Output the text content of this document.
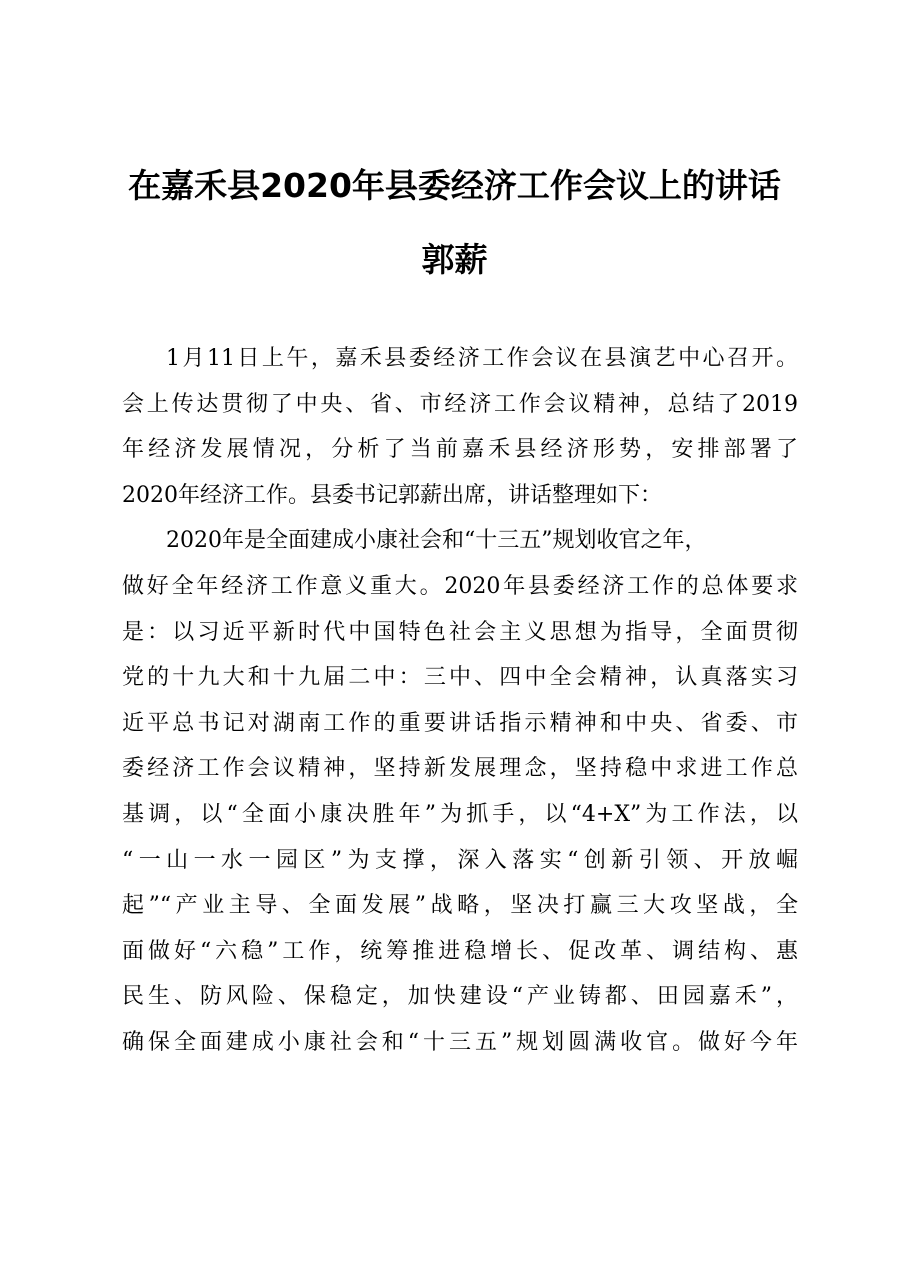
在嘉禾县2020年县委经济工作会议上的讲话
郭薪
1月11日上午，嘉禾县委经济工作会议在县演艺中心召开。
会上传达贯彻了中央、省、市经济工作会议精神，总结了2019
年经济发展情况，分析了当前嘉禾县经济形势，安排部署了
2020年经济工作。县委书记郭薪出席，讲话整理如下：
2020年是全面建成小康社会和“十三五”规划收官之年，
做好全年经济工作意义重大。2020年县委经济工作的总体要求
是：以习近平新时代中国特色社会主义思想为指导，全面贯彻
党的十九大和十九届二中：三中、四中全会精神，认真落实习
近平总书记对湖南工作的重要讲话指示精神和中央、省委、市
委经济工作会议精神，坚持新发展理念，坚持稳中求进工作总
基调，以“全面小康决胜年”为抓手，以“4+X”为工作法，以
“一山一水一园区”为支撑，深入落实“创新引领、开放崛
起”“产业主导、全面发展”战略，坚决打赢三大攻坚战，全
面做好“六稳”工作，统筹推进稳增长、促改革、调结构、惠
民生、防风险、保稳定，加快建设“产业铸都、田园嘉禾”，
确保全面建成小康社会和“十三五”规划圆满收官。做好今年
